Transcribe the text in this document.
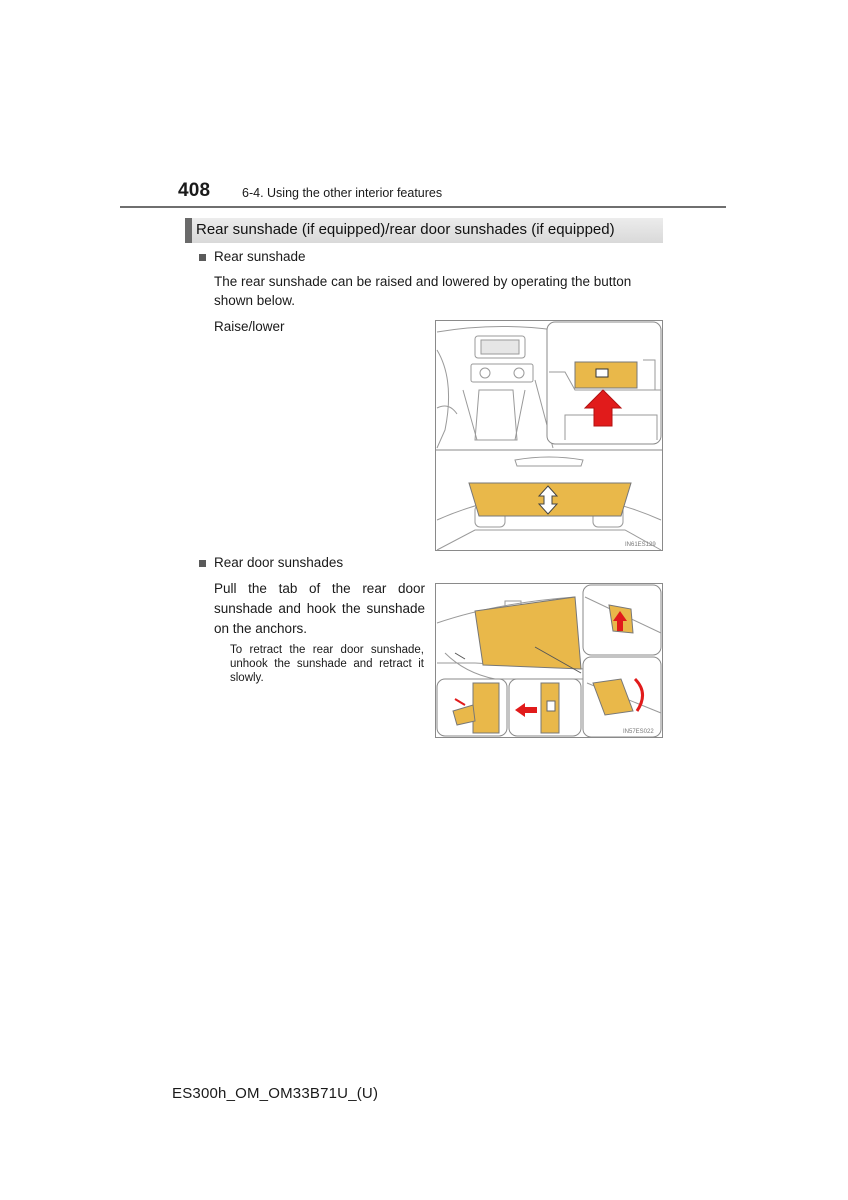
408	6-4. Using the other interior features
Rear sunshade (if equipped)/rear door sunshades (if equipped)
Rear sunshade
The rear sunshade can be raised and lowered by operating the button shown below.
Raise/lower
IN61ES129
Rear door sunshades
Pull the tab of the rear door sunshade and hook the sunshade on the anchors.
To retract the rear door sunshade, unhook the sunshade and retract it slowly.
IN57ES022
ES300h_OM_OM33B71U_(U)
